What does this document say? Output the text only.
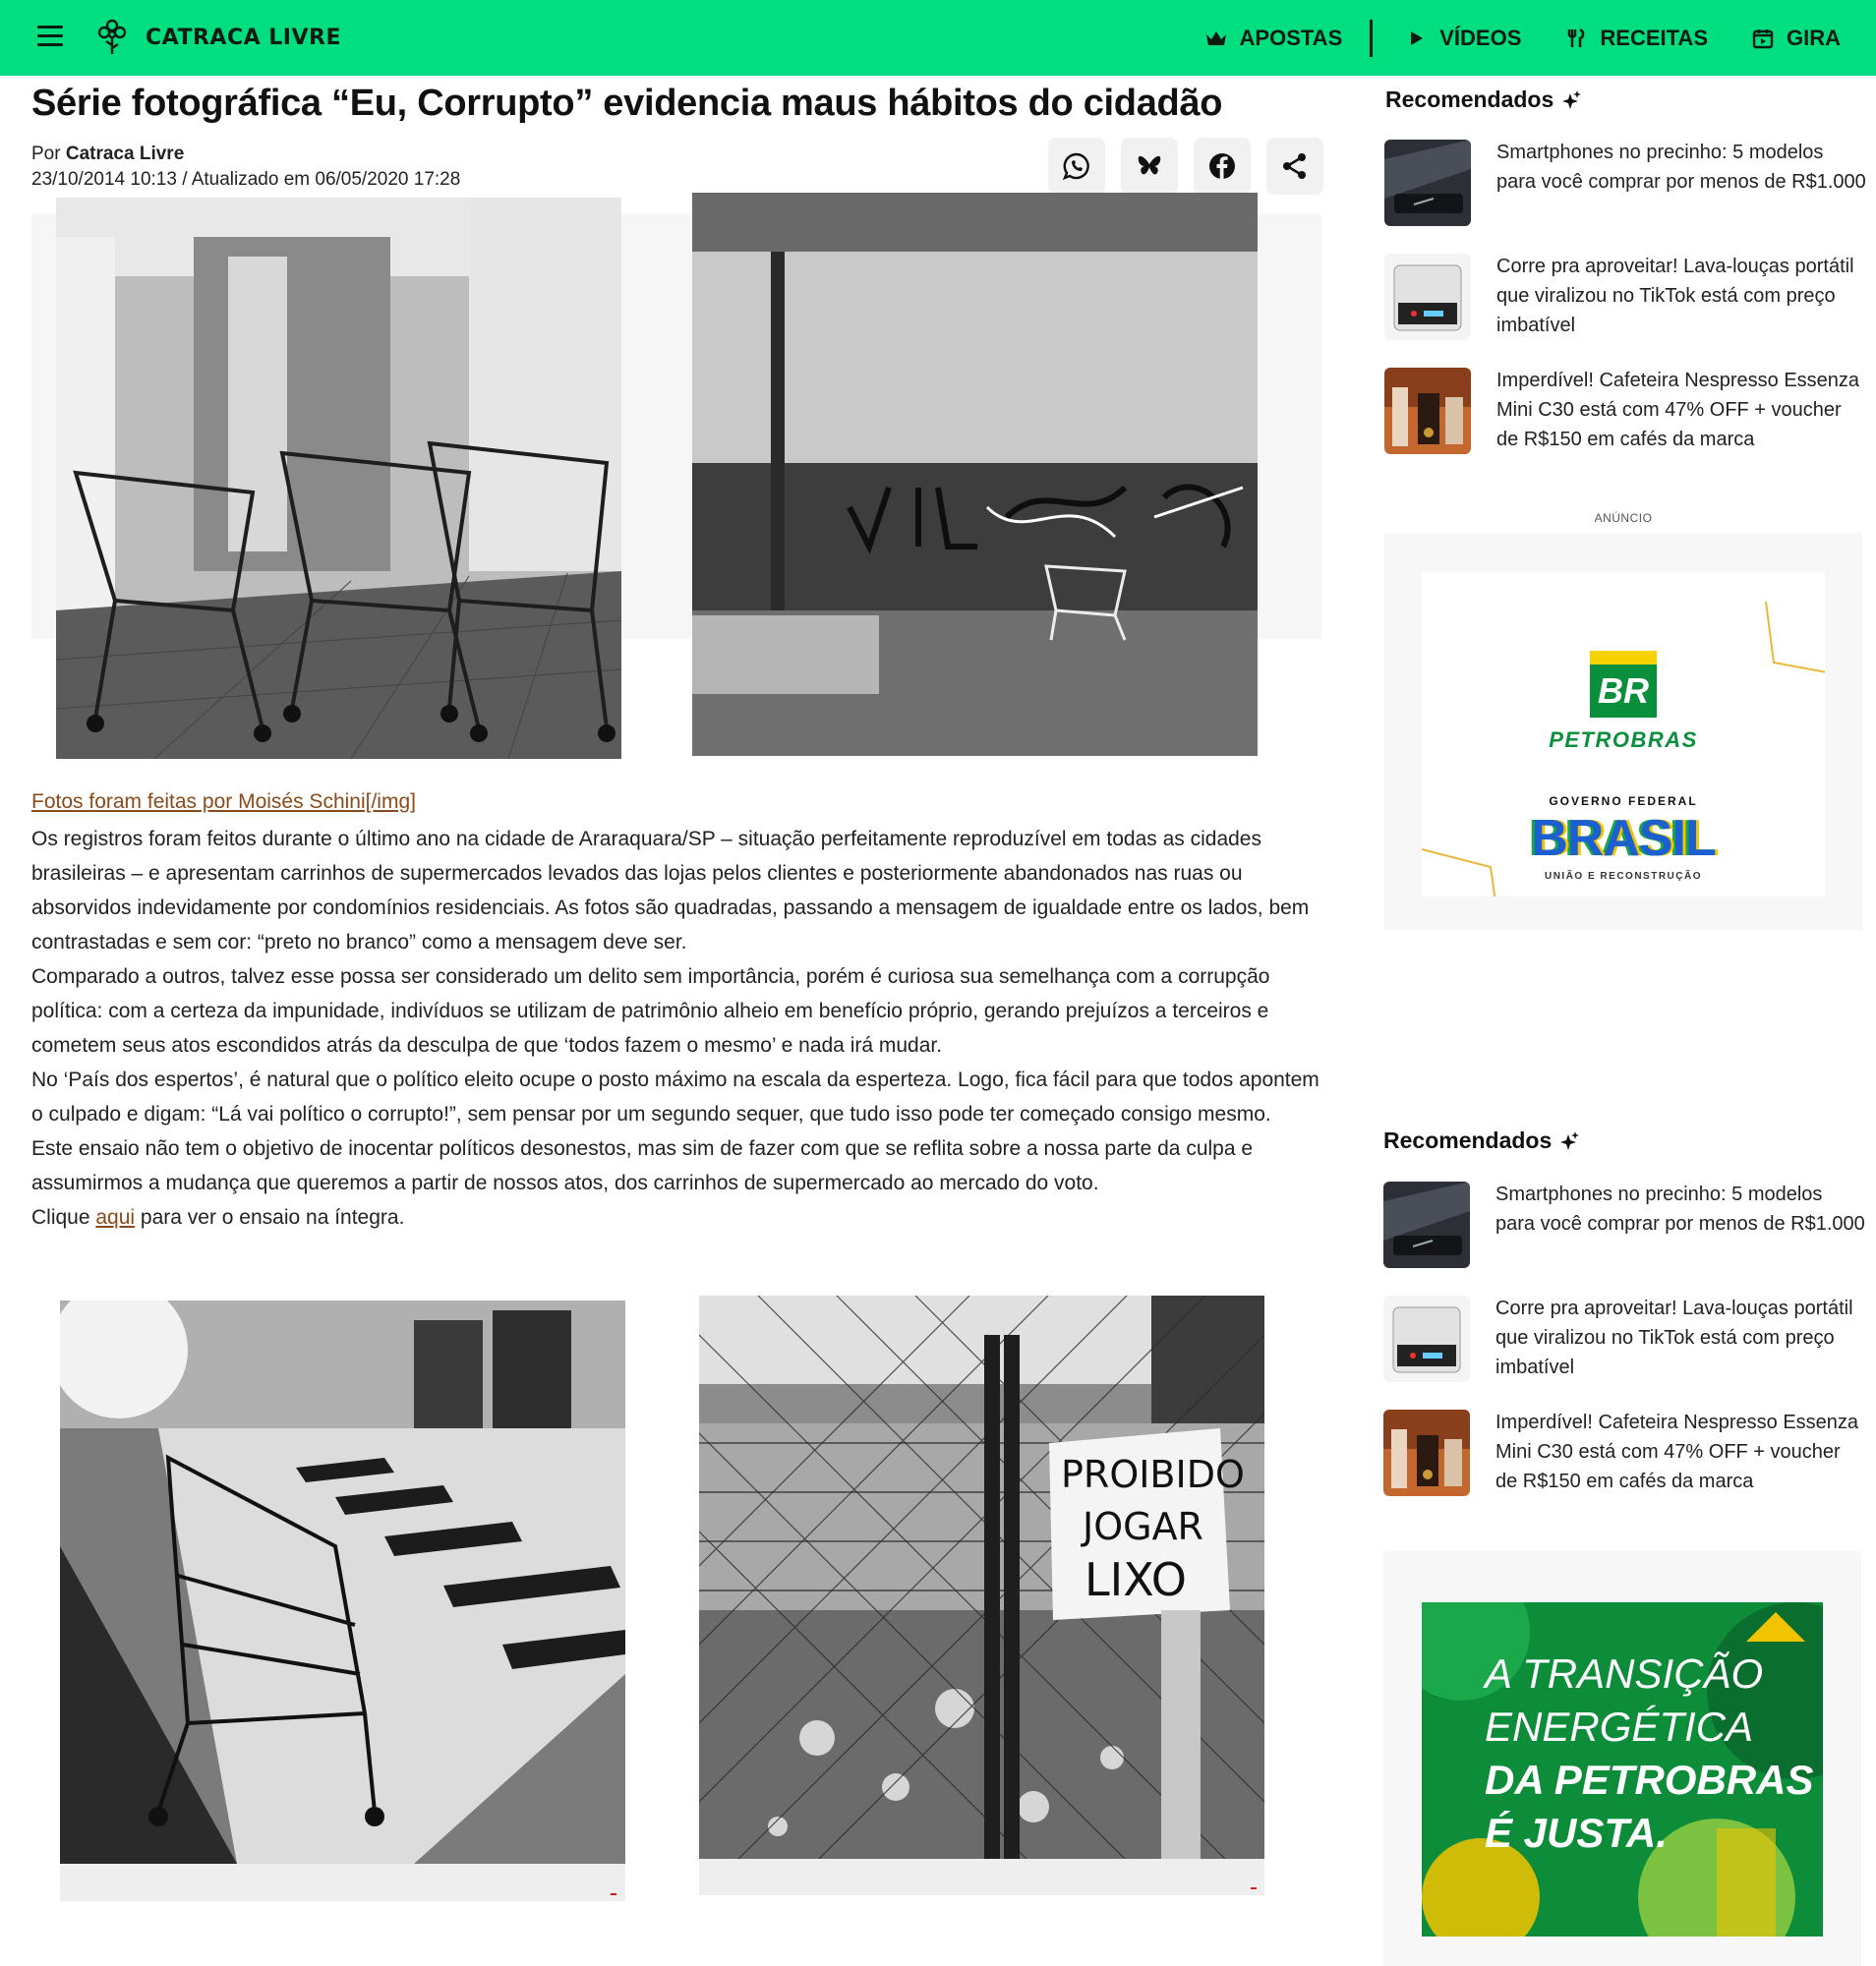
CATRACA LIVRE	APOSTAS	VÍDEOS	RECEITAS	GIRA
Série fotográfica “Eu, Corrupto” evidencia maus hábitos do cidadão
Por Catraca Livre
23/10/2014 10:13 / Atualizado em 06/05/2020 17:28
Fotos foram feitas por Moisés Schini[/img]

Os registros foram feitos durante o último ano na cidade de Araraquara/SP – situação perfeitamente reproduzível em todas as cidades brasileiras – e apresentam carrinhos de supermercados levados das lojas pelos clientes e posteriormente abandonados nas ruas ou absorvidos indevidamente por condomínios residenciais. As fotos são quadradas, passando a mensagem de igualdade entre os lados, bem contrastadas e sem cor: “preto no branco” como a mensagem deve ser.

Comparado a outros, talvez esse possa ser considerado um delito sem importância, porém é curiosa sua semelhança com a corrupção política: com a certeza da impunidade, indivíduos se utilizam de patrimônio alheio em benefício próprio, gerando prejuízos a terceiros e cometem seus atos escondidos atrás da desculpa de que ‘todos fazem o mesmo’ e nada irá mudar.

No ‘País dos espertos’, é natural que o político eleito ocupe o posto máximo na escala da esperteza. Logo, fica fácil para que todos apontem o culpado e digam: “Lá vai político o corrupto!”, sem pensar por um segundo sequer, que tudo isso pode ter começado consigo mesmo.

Este ensaio não tem o objetivo de inocentar políticos desonestos, mas sim de fazer com que se reflita sobre a nossa parte da culpa e assumirmos a mudança que queremos a partir de nossos atos, dos carrinhos de supermercado ao mercado do voto.

Clique aqui para ver o ensaio na íntegra.

PROIBIDO
JOGAR
LIXO
Recomendados
Smartphones no precinho: 5 modelos para você comprar por menos de R$1.000
Corre pra aproveitar! Lava-louças portátil que viralizou no TikTok está com preço imbatível
Imperdível! Cafeteira Nespresso Essenza Mini C30 está com 47% OFF + voucher de R$150 em cafés da marca
ANÚNCIO
BR
PETROBRAS
GOVERNO FEDERAL
BRASIL
UNIÃO E RECONSTRUÇÃO
Recomendados
Smartphones no precinho: 5 modelos para você comprar por menos de R$1.000
Corre pra aproveitar! Lava-louças portátil que viralizou no TikTok está com preço imbatível
Imperdível! Cafeteira Nespresso Essenza Mini C30 está com 47% OFF + voucher de R$150 em cafés da marca
A TRANSIÇÃO
ENERGÉTICA
DA PETROBRAS
É JUSTA.
